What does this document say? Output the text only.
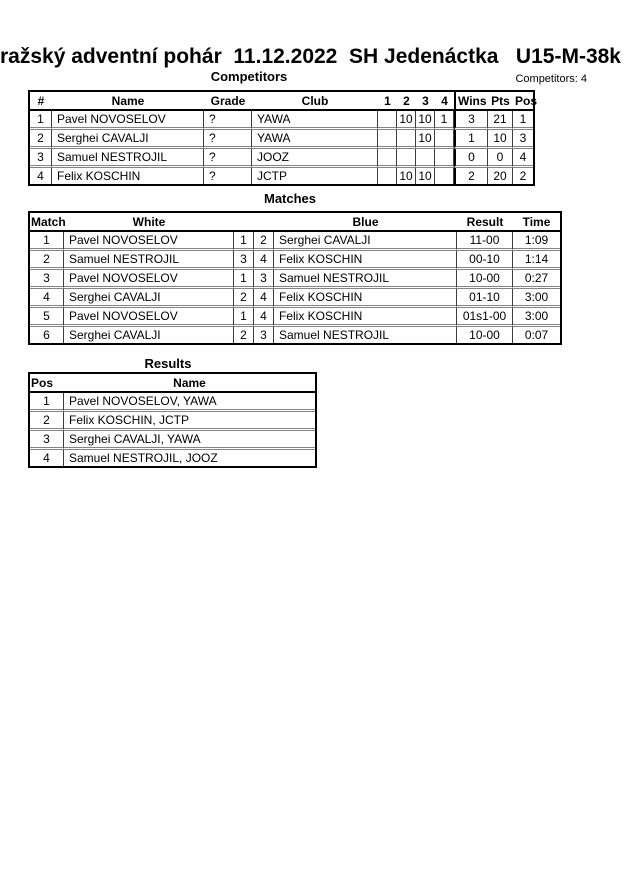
ražský adventní pohár  11.12.2022  SH Jedenáctka   U15-M-38k
Competitors	Competitors: 4
#	Name	Grade	Club	1	2	3	4	Wins	Pts	Pos
1	Pavel NOVOSELOV	?	YAWA		10	10	1	3	21	1
2	Serghei CAVALJI	?	YAWA			10		1	10	3
3	Samuel NESTROJIL	?	JOOZ					0	0	4
4	Felix KOSCHIN	?	JCTP		10	10		2	20	2
Matches
Match	White			Blue	Result	Time
1	Pavel NOVOSELOV	1	2	Serghei CAVALJI	11-00	1:09
2	Samuel NESTROJIL	3	4	Felix KOSCHIN	00-10	1:14
3	Pavel NOVOSELOV	1	3	Samuel NESTROJIL	10-00	0:27
4	Serghei CAVALJI	2	4	Felix KOSCHIN	01-10	3:00
5	Pavel NOVOSELOV	1	4	Felix KOSCHIN	01s1-00	3:00
6	Serghei CAVALJI	2	3	Samuel NESTROJIL	10-00	0:07
Results
Pos	Name
1	Pavel NOVOSELOV, YAWA
2	Felix KOSCHIN, JCTP
3	Serghei CAVALJI, YAWA
4	Samuel NESTROJIL, JOOZ
